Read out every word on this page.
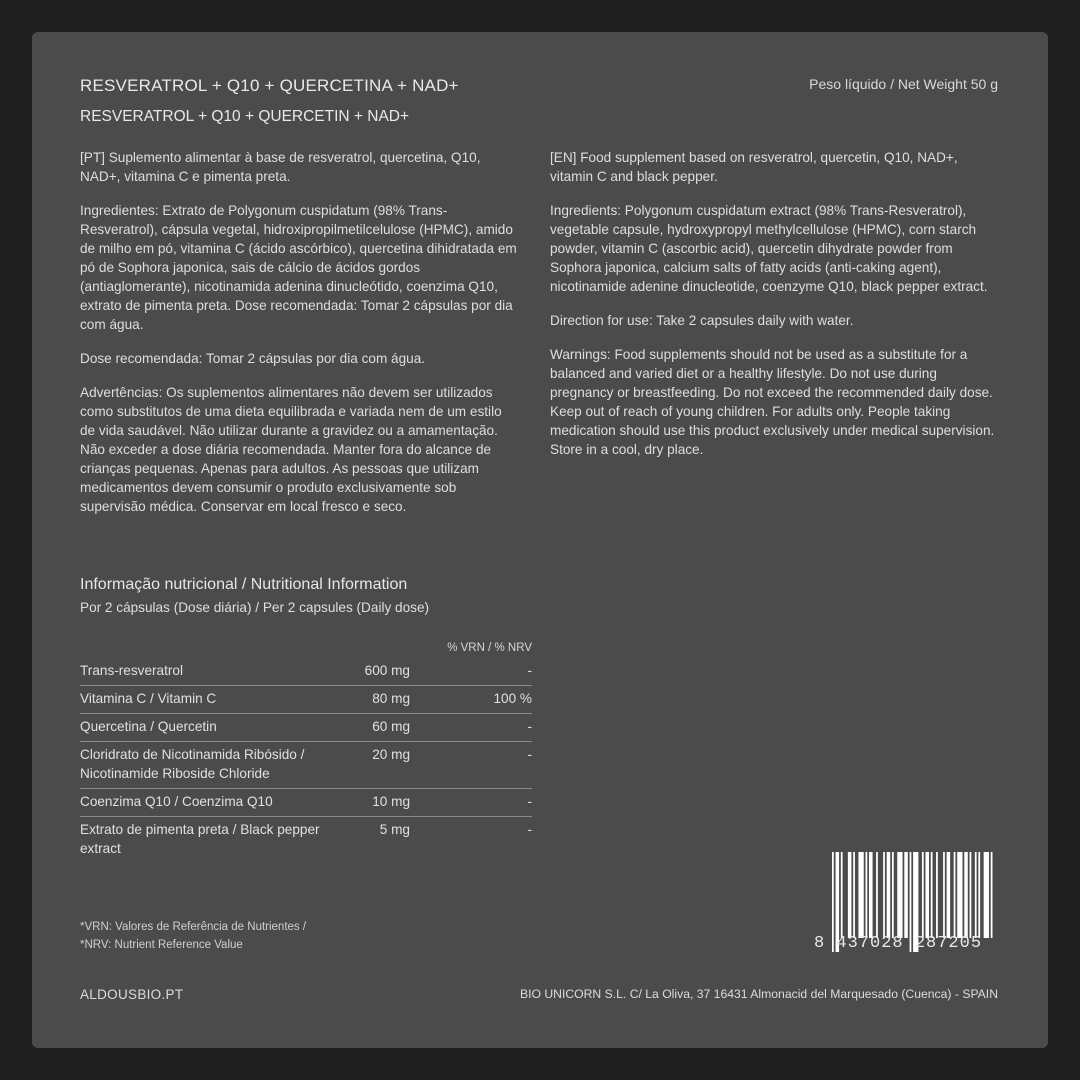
RESVERATROL + Q10 + QUERCETINA + NAD+
RESVERATROL + Q10 + QUERCETIN + NAD+
Peso líquido / Net Weight 50 g

[PT] Suplemento alimentar à base de resveratrol, quercetina, Q10, NAD+, vitamina C e pimenta preta.

Ingredientes: Extrato de Polygonum cuspidatum (98% Trans-Resveratrol), cápsula vegetal, hidroxipropilmetilcelulose (HPMC), amido de milho em pó, vitamina C (ácido ascórbico), quercetina dihidratada em pó de Sophora japonica, sais de cálcio de ácidos gordos (antiaglomerante), nicotinamida adenina dinucleótido, coenzima Q10, extrato de pimenta preta. Dose recomendada: Tomar 2 cápsulas por dia com água.

Dose recomendada: Tomar 2 cápsulas por dia com água.

Advertências: Os suplementos alimentares não devem ser utilizados como substitutos de uma dieta equilibrada e variada nem de um estilo de vida saudável. Não utilizar durante a gravidez ou a amamentação. Não exceder a dose diária recomendada. Manter fora do alcance de crianças pequenas. Apenas para adultos. As pessoas que utilizam medicamentos devem consumir o produto exclusivamente sob supervisão médica. Conservar em local fresco e seco.

[EN] Food supplement based on resveratrol, quercetin, Q10, NAD+, vitamin C and black pepper.

Ingredients: Polygonum cuspidatum extract (98% Trans-Resveratrol), vegetable capsule, hydroxypropyl methylcellulose (HPMC), corn starch powder, vitamin C (ascorbic acid), quercetin dihydrate powder from Sophora japonica, calcium salts of fatty acids (anti-caking agent), nicotinamide adenine dinucleotide, coenzyme Q10, black pepper extract.

Direction for use: Take 2 capsules daily with water.

Warnings: Food supplements should not be used as a substitute for a balanced and varied diet or a healthy lifestyle. Do not use during pregnancy or breastfeeding. Do not exceed the recommended daily dose. Keep out of reach of young children. For adults only. People taking medication should use this product exclusively under medical supervision. Store in a cool, dry place.

Informação nutricional / Nutritional Information
Por 2 cápsulas (Dose diária) / Per 2 capsules (Daily dose)
% VRN / % NRV
Trans-resveratrol	600 mg	-
Vitamina C / Vitamin C	80 mg	100 %
Quercetina / Quercetin	60 mg	-
Cloridrato de Nicotinamida Ribósido / Nicotinamide Riboside Chloride	20 mg	-
Coenzima Q10 / Coenzima Q10	10 mg	-
Extrato de pimenta preta / Black pepper extract	5 mg	-
*VRN: Valores de Referência de Nutrientes /
*NRV: Nutrient Reference Value	8 437028 287205
ALDOUSBIO.PT	BIO UNICORN S.L. C/ La Oliva, 37 16431 Almonacid del Marquesado (Cuenca) - SPAIN
